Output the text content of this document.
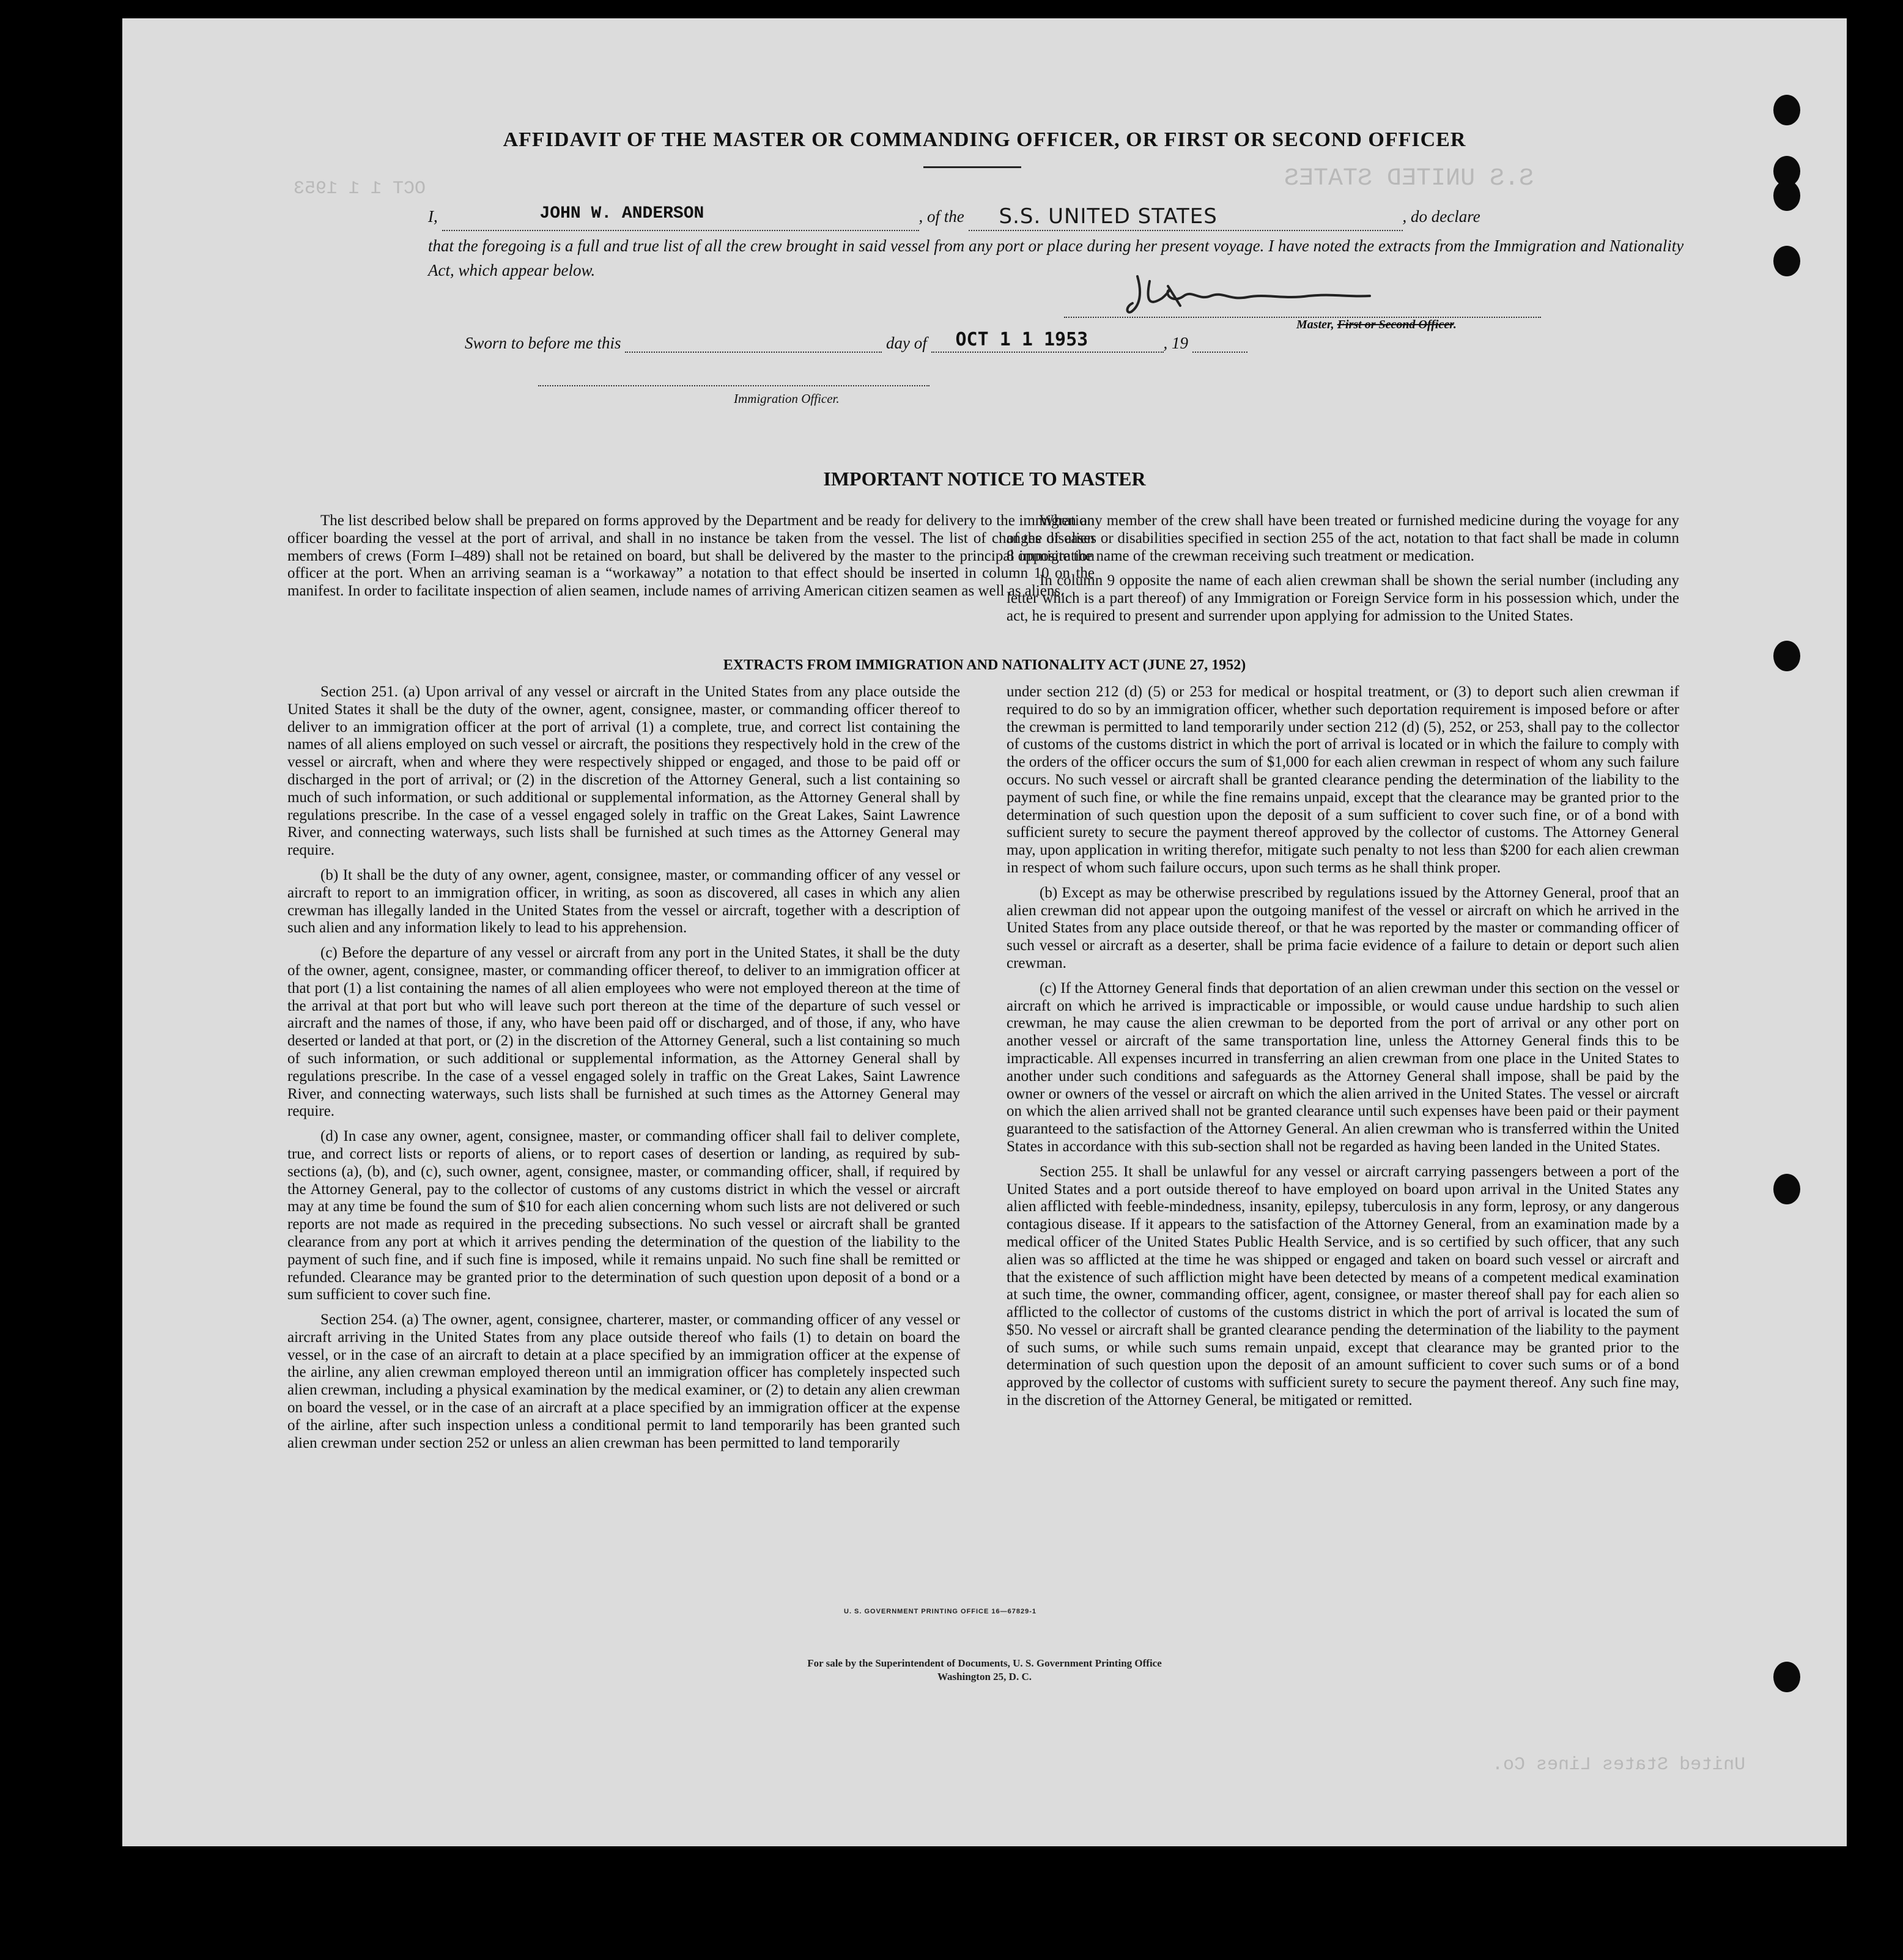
S.S UNITED STATES
OCT 1 1 1953
United States Lines Co.
AFFIDAVIT OF THE MASTER OR COMMANDING OFFICER, OR FIRST OR SECOND OFFICER
I,	JOHN W. ANDERSON	, of the S.S. UNITED STATES	, do declare
that the foregoing is a full and true list of all the crew brought in said vessel from any port or place during her present voyage. I have noted the extracts from the Immigration and Nationality Act, which appear below.
Master, First or Second Officer.
Sworn to before me this	day of OCT 1 1 1953	, 19
Immigration Officer.
IMPORTANT NOTICE TO MASTER

The list described below shall be prepared on forms approved by the Department and be ready for delivery to the immigration officer boarding the vessel at the port of arrival, and shall in no instance be taken from the vessel. The list of changes of alien members of crews (Form I–489) shall not be retained on board, but shall be delivered by the master to the principal immigration officer at the port. When an arriving seaman is a “workaway” a notation to that effect should be inserted in column 10 on the manifest. In order to facilitate inspection of alien seamen, include names of arriving American citizen seamen as well as aliens.

When any member of the crew shall have been treated or furnished medicine during the voyage for any of the diseases or disabilities specified in section 255 of the act, notation to that fact shall be made in column 8 opposite the name of the crewman receiving such treatment or medication.

In column 9 opposite the name of each alien crewman shall be shown the serial number (including any letter which is a part thereof) of any Immigration or Foreign Service form in his possession which, under the act, he is required to present and surrender upon applying for admission to the United States.

EXTRACTS FROM IMMIGRATION AND NATIONALITY ACT (JUNE 27, 1952)

Section 251. (a) Upon arrival of any vessel or aircraft in the United States from any place outside the United States it shall be the duty of the owner, agent, consignee, master, or commanding officer thereof to deliver to an immigration officer at the port of arrival (1) a complete, true, and correct list containing the names of all aliens employed on such vessel or aircraft, the positions they respectively hold in the crew of the vessel or aircraft, when and where they were respectively shipped or engaged, and those to be paid off or discharged in the port of arrival; or (2) in the discretion of the Attorney General, such a list containing so much of such information, or such additional or supplemental information, as the Attorney General shall by regulations prescribe. In the case of a vessel engaged solely in traffic on the Great Lakes, Saint Lawrence River, and connecting waterways, such lists shall be furnished at such times as the Attorney General may require.

(b) It shall be the duty of any owner, agent, consignee, master, or commanding officer of any vessel or aircraft to report to an immigration officer, in writing, as soon as discovered, all cases in which any alien crewman has illegally landed in the United States from the vessel or aircraft, together with a description of such alien and any information likely to lead to his apprehension.

(c) Before the departure of any vessel or aircraft from any port in the United States, it shall be the duty of the owner, agent, consignee, master, or commanding officer thereof, to deliver to an immigration officer at that port (1) a list containing the names of all alien employees who were not employed thereon at the time of the arrival at that port but who will leave such port thereon at the time of the departure of such vessel or aircraft and the names of those, if any, who have been paid off or discharged, and of those, if any, who have deserted or landed at that port, or (2) in the discretion of the Attorney General, such a list containing so much of such information, or such additional or supplemental information, as the Attorney General shall by regulations prescribe. In the case of a vessel engaged solely in traffic on the Great Lakes, Saint Lawrence River, and connecting waterways, such lists shall be furnished at such times as the Attorney General may require.

(d) In case any owner, agent, consignee, master, or commanding officer shall fail to deliver complete, true, and correct lists or reports of aliens, or to report cases of desertion or landing, as required by sub-sections (a), (b), and (c), such owner, agent, consignee, master, or commanding officer, shall, if required by the Attorney General, pay to the collector of customs of any customs district in which the vessel or aircraft may at any time be found the sum of $10 for each alien concerning whom such lists are not delivered or such reports are not made as required in the preceding subsections. No such vessel or aircraft shall be granted clearance from any port at which it arrives pending the determination of the question of the liability to the payment of such fine, and if such fine is imposed, while it remains unpaid. No such fine shall be remitted or refunded. Clearance may be granted prior to the determination of such question upon deposit of a bond or a sum sufficient to cover such fine.

Section 254. (a) The owner, agent, consignee, charterer, master, or commanding officer of any vessel or aircraft arriving in the United States from any place outside thereof who fails (1) to detain on board the vessel, or in the case of an aircraft to detain at a place specified by an immigration officer at the expense of the airline, any alien crewman employed thereon until an immigration officer has completely inspected such alien crewman, including a physical examination by the medical examiner, or (2) to detain any alien crewman on board the vessel, or in the case of an aircraft at a place specified by an immigration officer at the expense of the airline, after such inspection unless a conditional permit to land temporarily has been granted such alien crewman under section 252 or unless an alien crewman has been permitted to land temporarily

under section 212 (d) (5) or 253 for medical or hospital treatment, or (3) to deport such alien crewman if required to do so by an immigration officer, whether such deportation requirement is imposed before or after the crewman is permitted to land temporarily under section 212 (d) (5), 252, or 253, shall pay to the collector of customs of the customs district in which the port of arrival is located or in which the failure to comply with the orders of the officer occurs the sum of $1,000 for each alien crewman in respect of whom any such failure occurs. No such vessel or aircraft shall be granted clearance pending the determination of the liability to the payment of such fine, or while the fine remains unpaid, except that the clearance may be granted prior to the determination of such question upon the deposit of a sum sufficient to cover such fine, or of a bond with sufficient surety to secure the payment thereof approved by the collector of customs. The Attorney General may, upon application in writing therefor, mitigate such penalty to not less than $200 for each alien crewman in respect of whom such failure occurs, upon such terms as he shall think proper.

(b) Except as may be otherwise prescribed by regulations issued by the Attorney General, proof that an alien crewman did not appear upon the outgoing manifest of the vessel or aircraft on which he arrived in the United States from any place outside thereof, or that he was reported by the master or commanding officer of such vessel or aircraft as a deserter, shall be prima facie evidence of a failure to detain or deport such alien crewman.

(c) If the Attorney General finds that deportation of an alien crewman under this section on the vessel or aircraft on which he arrived is impracticable or impossible, or would cause undue hardship to such alien crewman, he may cause the alien crewman to be deported from the port of arrival or any other port on another vessel or aircraft of the same transportation line, unless the Attorney General finds this to be impracticable. All expenses incurred in transferring an alien crewman from one place in the United States to another under such conditions and safeguards as the Attorney General shall impose, shall be paid by the owner or owners of the vessel or aircraft on which the alien arrived in the United States. The vessel or aircraft on which the alien arrived shall not be granted clearance until such expenses have been paid or their payment guaranteed to the satisfaction of the Attorney General. An alien crewman who is transferred within the United States in accordance with this sub-section shall not be regarded as having been landed in the United States.

Section 255. It shall be unlawful for any vessel or aircraft carrying passengers between a port of the United States and a port outside thereof to have employed on board upon arrival in the United States any alien afflicted with feeble-mindedness, insanity, epilepsy, tuberculosis in any form, leprosy, or any dangerous contagious disease. If it appears to the satisfaction of the Attorney General, from an examination made by a medical officer of the United States Public Health Service, and is so certified by such officer, that any such alien was so afflicted at the time he was shipped or engaged and taken on board such vessel or aircraft and that the existence of such affliction might have been detected by means of a competent medical examination at such time, the owner, commanding officer, agent, consignee, or master thereof shall pay for each alien so afflicted to the collector of customs of the customs district in which the port of arrival is located the sum of $50. No vessel or aircraft shall be granted clearance pending the determination of the liability to the payment of such sums, or while such sums remain unpaid, except that clearance may be granted prior to the determination of such question upon the deposit of an amount sufficient to cover such sums or of a bond approved by the collector of customs with sufficient surety to secure the payment thereof. Any such fine may, in the discretion of the Attorney General, be mitigated or remitted.

U. S. GOVERNMENT PRINTING OFFICE 16—67829-1
For sale by the Superintendent of Documents, U. S. Government Printing Office
Washington 25, D. C.
